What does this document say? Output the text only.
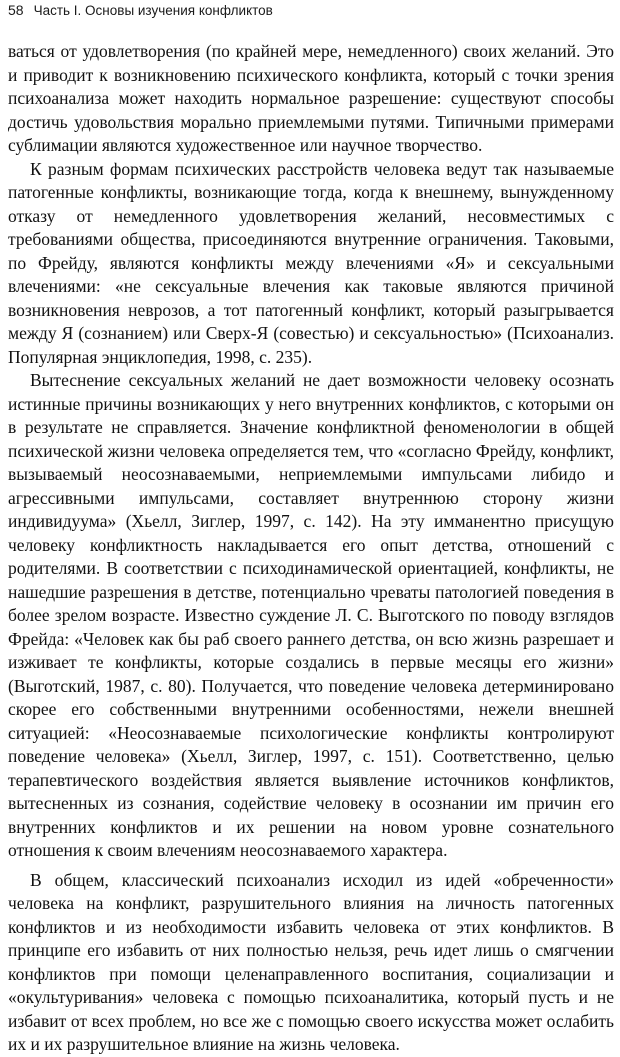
58 Часть I. Основы изучения конфликтов

ваться от удовлетворения (по крайней мере, немедленного) своих желаний. Это и приводит к возникновению психического конфликта, который с точки зрения психоанализа может находить нормальное разрешение: существуют способы достичь удовольствия морально приемлемыми путями. Типичными примерами сублимации являются художественное или научное творчество.

К разным формам психических расстройств человека ведут так называемые патогенные конфликты, возникающие тогда, когда к внешнему, вынужденному отказу от немедленного удовлетворения желаний, несовместимых с требованиями общества, присоединяются внутренние ограничения. Таковыми, по Фрейду, являются конфликты между влечениями «Я» и сексуальными влечениями: «не сексуальные влечения как таковые являются причиной возникновения неврозов, а тот патогенный конфликт, который разыгрывается между Я (сознанием) или Сверх-Я (совестью) и сексуальностью» (Психоанализ. Популярная энциклопедия, 1998, с. 235).

Вытеснение сексуальных желаний не дает возможности человеку осознать истинные причины возникающих у него внутренних конфликтов, с которыми он в результате не справляется. Значение конфликтной феноменологии в общей психической жизни человека определяется тем, что «согласно Фрейду, конфликт, вызываемый неосознаваемыми, неприемлемыми импульсами либидо и агрессивными импульсами, составляет внутреннюю сторону жизни индивидуума» (Хьелл, Зиглер, 1997, с. 142). На эту имманентно присущую человеку конфликтность накладывается его опыт детства, отношений с родителями. В соответствии с психодинамической ориентацией, конфликты, не нашедшие разрешения в детстве, потенциально чреваты патологией поведения в более зрелом возрасте. Известно суждение Л. С. Выготского по поводу взглядов Фрейда: «Человек как бы раб своего раннего детства, он всю жизнь разрешает и изживает те конфликты, которые создались в первые месяцы его жизни» (Выготский, 1987, с. 80). Получается, что поведение человека детерминировано скорее его собственными внутренними особенностями, нежели внешней ситуацией: «Неосознаваемые психологические конфликты контролируют поведение человека» (Хьелл, Зиглер, 1997, с. 151). Соответственно, целью терапевтического воздействия является выявление источников конфликтов, вытесненных из сознания, содействие человеку в осознании им причин его внутренних конфликтов и их решении на новом уровне сознательного отношения к своим влечениям неосознаваемого характера.

В общем, классический психоанализ исходил из идей «обреченности» человека на конфликт, разрушительного влияния на личность патогенных конфликтов и из необходимости избавить человека от этих конфликтов. В принципе его избавить от них полностью нельзя, речь идет лишь о смягчении конфликтов при помощи целенаправленного воспитания, социализации и «окультуривания» человека с помощью психоаналитика, который пусть и не избавит от всех проблем, но все же с помощью своего искусства может ослабить их и их разрушительное влияние на жизнь человека.
